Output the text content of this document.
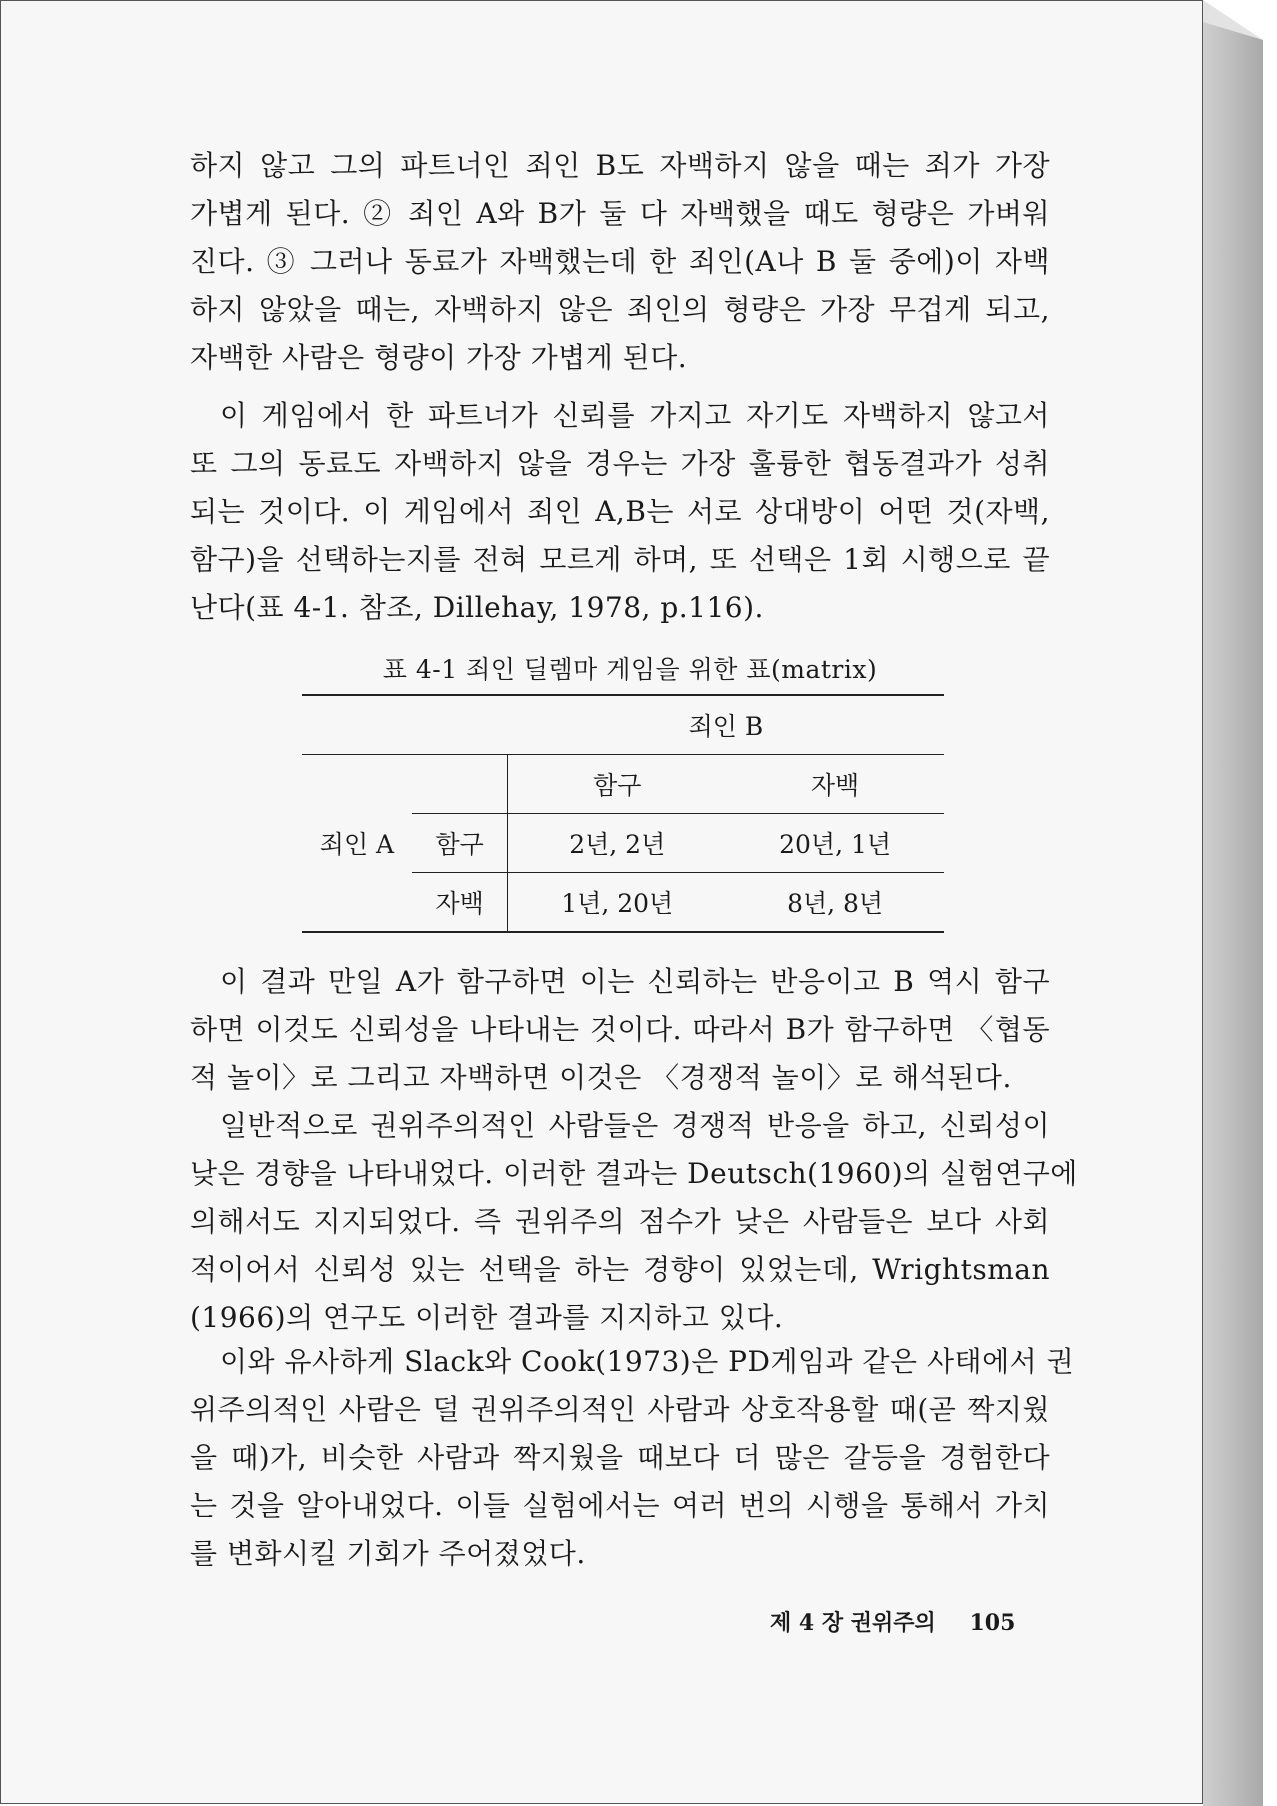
하지 않고 그의 파트너인 죄인 B도 자백하지 않을 때는 죄가 가장
가볍게 된다. ② 죄인 A와 B가 둘 다 자백했을 때도 형량은 가벼워
진다. ③ 그러나 동료가 자백했는데 한 죄인(A나 B 둘 중에)이 자백
하지 않았을 때는, 자백하지 않은 죄인의 형량은 가장 무겁게 되고,
자백한 사람은 형량이 가장 가볍게 된다.
이 게임에서 한 파트너가 신뢰를 가지고 자기도 자백하지 않고서
또 그의 동료도 자백하지 않을 경우는 가장 훌륭한 협동결과가 성취
되는 것이다. 이 게임에서 죄인 A,B는 서로 상대방이 어떤 것(자백,
함구)을 선택하는지를 전혀 모르게 하며, 또 선택은 1회 시행으로 끝
난다(표 4-1. 참조, Dillehay, 1978, p.116).
표 4-1 죄인 딜렘마 게임을 위한 표(matrix)
		죄인 B	
		함구	자백
죄인 A	함구	2년, 2년	20년, 1년
	자백	1년, 20년	8년, 8년
이 결과 만일 A가 함구하면 이는 신뢰하는 반응이고 B 역시 함구
하면 이것도 신뢰성을 나타내는 것이다. 따라서 B가 함구하면 〈협동
적 놀이〉로 그리고 자백하면 이것은 〈경쟁적 놀이〉로 해석된다.
일반적으로 권위주의적인 사람들은 경쟁적 반응을 하고, 신뢰성이
낮은 경향을 나타내었다. 이러한 결과는 Deutsch(1960)의 실험연구에
의해서도 지지되었다. 즉 권위주의 점수가 낮은 사람들은 보다 사회
적이어서 신뢰성 있는 선택을 하는 경향이 있었는데, Wrightsman
(1966)의 연구도 이러한 결과를 지지하고 있다.
이와 유사하게 Slack와 Cook(1973)은 PD게임과 같은 사태에서 권
위주의적인 사람은 덜 권위주의적인 사람과 상호작용할 때(곧 짝지웠
을 때)가, 비슷한 사람과 짝지웠을 때보다 더 많은 갈등을 경험한다
는 것을 알아내었다. 이들 실험에서는 여러 번의 시행을 통해서 가치
를 변화시킬 기회가 주어졌었다.
제 4 장 권위주의 105
